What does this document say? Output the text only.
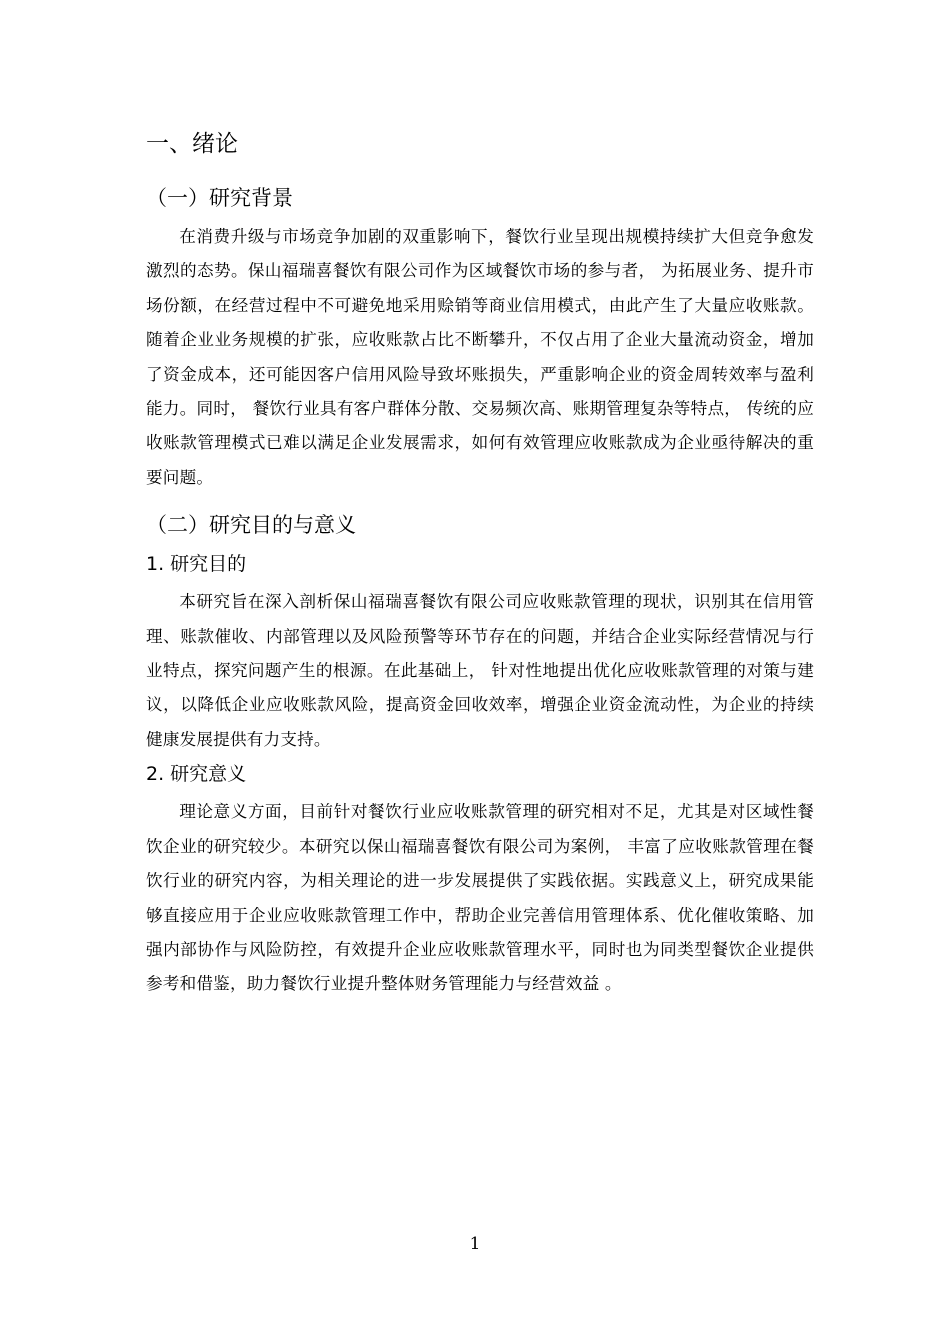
一、绪论
（一）研究背景

在消费升级与市场竞争加剧的双重影响下，餐饮行业呈现出规模持续扩大但竞争愈发激烈的态势。保山福瑞喜餐饮有限公司作为区域餐饮市场的参与者， 为拓展业务、提升市场份额，在经营过程中不可避免地采用赊销等商业信用模式，由此产生了大量应收账款。随着企业业务规模的扩张，应收账款占比不断攀升，不仅占用了企业大量流动资金，增加了资金成本，还可能因客户信用风险导致坏账损失，严重影响企业的资金周转效率与盈利能力。同时， 餐饮行业具有客户群体分散、交易频次高、账期管理复杂等特点， 传统的应收账款管理模式已难以满足企业发展需求，如何有效管理应收账款成为企业亟待解决的重要问题。

（二）研究目的与意义
1. 研究目的

本研究旨在深入剖析保山福瑞喜餐饮有限公司应收账款管理的现状，识别其在信用管理、账款催收、内部管理以及风险预警等环节存在的问题，并结合企业实际经营情况与行业特点，探究问题产生的根源。在此基础上， 针对性地提出优化应收账款管理的对策与建议，以降低企业应收账款风险，提高资金回收效率，增强企业资金流动性，为企业的持续健康发展提供有力支持。

2. 研究意义

理论意义方面，目前针对餐饮行业应收账款管理的研究相对不足，尤其是对区域性餐饮企业的研究较少。本研究以保山福瑞喜餐饮有限公司为案例， 丰富了应收账款管理在餐饮行业的研究内容，为相关理论的进一步发展提供了实践依据。实践意义上，研究成果能够直接应用于企业应收账款管理工作中，帮助企业完善信用管理体系、优化催收策略、加强内部协作与风险防控，有效提升企业应收账款管理水平，同时也为同类型餐饮企业提供参考和借鉴，助力餐饮行业提升整体财务管理能力与经营效益 。

1
